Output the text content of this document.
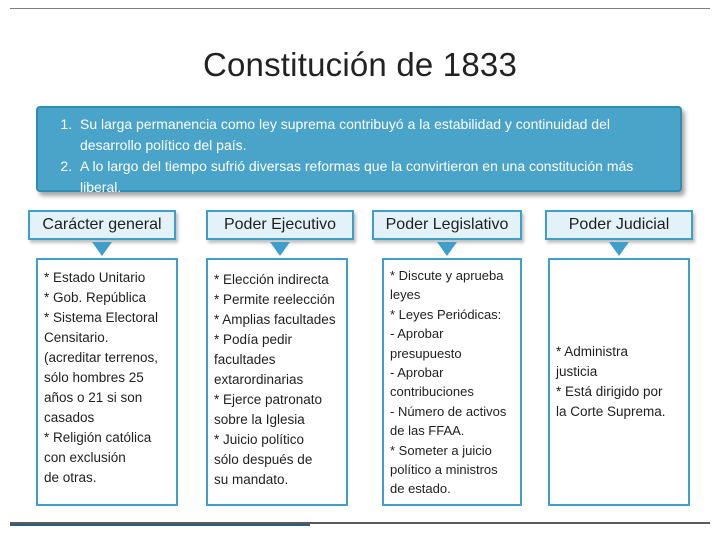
Constitución de 1833
1. Su larga permanencia como ley suprema contribuyó a la estabilidad y continuidad del desarrollo político del país.
2. A lo largo del tiempo sufrió diversas reformas que la convirtieron en una constitución más liberal.
Carácter general	Poder Ejecutivo	Poder Legislativo	Poder Judicial
* Estado Unitario
* Gob. República
* Sistema Electoral
Censitario.
(acreditar terrenos,
sólo hombres 25
años o 21 si son
casados
* Religión católica
con exclusión
de otras.
* Elección indirecta
* Permite reelección
* Amplias facultades
* Podía pedir
facultades
extarordinarias
* Ejerce patronato
sobre la Iglesia
* Juicio político
sólo después de
su mandato.
* Discute y aprueba
leyes
* Leyes Periódicas:
- Aprobar
presupuesto
- Aprobar
contribuciones
- Número de activos
de las FFAA.
* Someter a juicio
político a ministros
de estado.
* Administra
justicia
* Está dirigido por
la Corte Suprema.
